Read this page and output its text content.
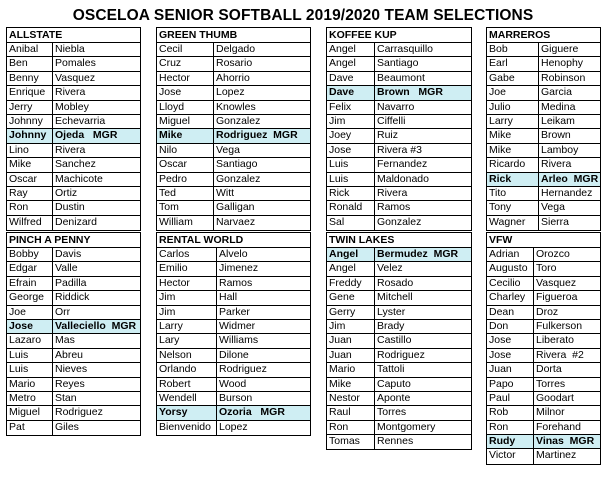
OSCELOA SENIOR SOFTBALL 2019/2020 TEAM SELECTIONS
ALLSTATE
Anibal	Niebla
Ben	Pomales
Benny	Vasquez
Enrique Rivera
Jerry	Mobley
Johnny	Echevarria
Johnny Ojeda   MGR
Lino	Rivera
Mike	Sanchez
Oscar	Machicote
Ray	Ortiz
Ron	Dustin
Wilfred	Denizard
GREEN THUMB
Cecil	Delgado
Cruz	Rosario
Hector	Ahorrio
Jose	Lopez
Lloyd	Knowles
Miguel	Gonzalez
Mike	Rodriguez  MGR
Nilo	Vega
Oscar	Santiago
Pedro	Gonzalez
Ted	Witt
Tom	Galligan
William	Narvaez
KOFFEE KUP
Angel	Carrasquillo
Angel	Santiago
Dave	Beaumont
Dave	Brown   MGR
Felix	Navarro
Jim	Ciffelli
Joey	Ruiz
Jose	Rivera #3
Luis	Fernandez
Luis	Maldonado
Rick	Rivera
Ronald	Ramos
Sal	Gonzalez
MARREROS
Bob	Giguere
Earl	Henophy
Gabe	Robinson
Joe	Garcia
Julio	Medina
Larry	Leikam
Mike	Brown
Mike	Lamboy
Ricardo	Rivera
Rick	Arleo  MGR
Tito	Hernandez
Tony	Vega
Wagner	Sierra
PINCH A PENNY
Bobby	Davis
Edgar	Valle
Efrain	Padilla
George	Riddick
Joe	Orr
Jose	Valleciello  MGR
Lazaro	Mas
Luis	Abreu
Luis	Nieves
Mario	Reyes
Metro	Stan
Miguel	Rodriguez
Pat	Giles
RENTAL WORLD
Carlos	Alvelo
Emilio	Jimenez
Hector	Ramos
Jim	Hall
Jim	Parker
Larry	Widmer
Lary	Williams
Nelson	Dilone
Orlando	Rodriguez
Robert	Wood
Wendell	Burson
Yorsy	Ozoria   MGR
Bienvenido Lopez
TWIN LAKES
Angel	Bermudez  MGR
Angel	Velez
Freddy	Rosado
Gene	Mitchell
Gerry	Lyster
Jim	Brady
Juan	Castillo
Juan	Rodriguez
Mario	Tattoli
Mike	Caputo
Nestor	Aponte
Raul	Torres
Ron	Montgomery
Tomas	Rennes
VFW
Adrian	Orozco
Augusto Toro
Cecilio	Vasquez
Charley	Figueroa
Dean	Droz
Don	Fulkerson
Jose	Liberato
Jose	Rivera  #2
Juan	Dorta
Papo	Torres
Paul	Goodart
Rob	Milnor
Ron	Forehand
Rudy	Vinas  MGR
Victor	Martinez
